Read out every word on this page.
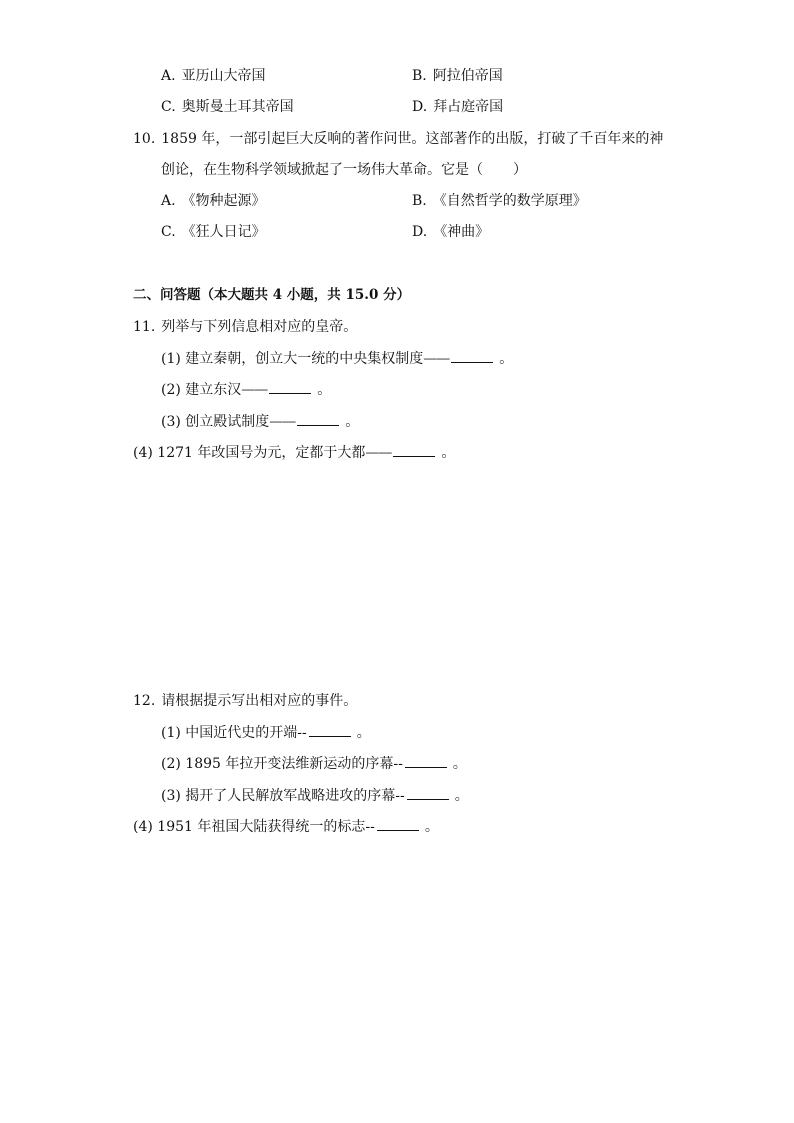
A. 亚历山大帝国	B. 阿拉伯帝国
C. 奥斯曼土耳其帝国	D. 拜占庭帝国
10. 1859 年，一部引起巨大反响的著作问世。这部著作的出版，打破了千百年来的神
创论，在生物科学领域掀起了一场伟大革命。它是（ ）
A. 《物种起源》	B. 《自然哲学的数学原理》
C. 《狂人日记》	D. 《神曲》
二、问答题（本大题共 4 小题，共 15.0 分）
11. 列举与下列信息相对应的皇帝。
(1) 建立秦朝，创立大一统的中央集权制度——	。
(2) 建立东汉——	。
(3) 创立殿试制度——	。
(4) 1271 年改国号为元，定都于大都——	。
12. 请根据提示写出相对应的事件。
(1) 中国近代史的开端--	。
(2) 1895 年拉开变法维新运动的序幕--	。
(3) 揭开了人民解放军战略进攻的序幕--	。
(4) 1951 年祖国大陆获得统一的标志--	。
